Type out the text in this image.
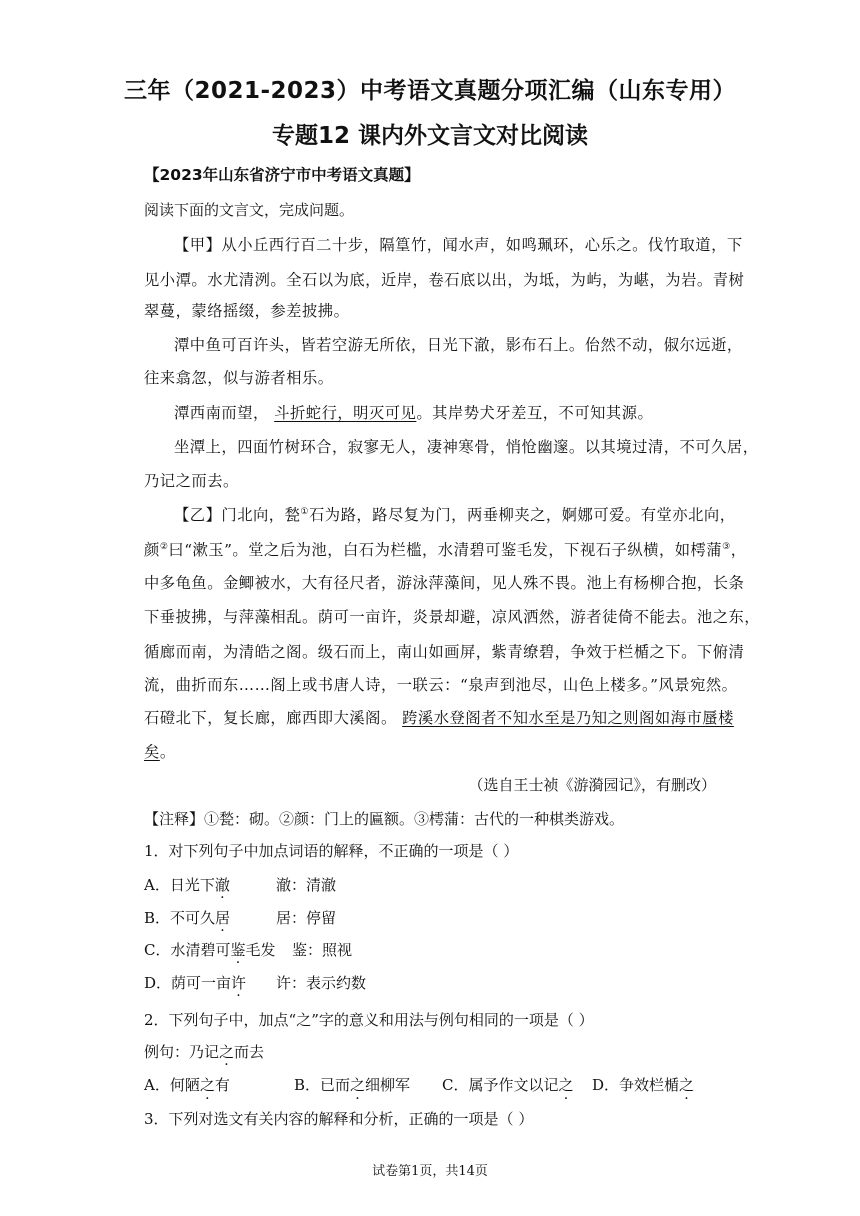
三年（2021-2023）中考语文真题分项汇编（山东专用）
专题12 课内外文言文对比阅读
【2023年山东省济宁市中考语文真题】
阅读下面的文言文，完成问题。
【甲】从小丘西行百二十步，隔篁竹，闻水声，如鸣珮环，心乐之。伐竹取道，下
见小潭。水尤清洌。全石以为底，近岸，卷石底以出，为坻，为屿，为嵁，为岩。青树
翠蔓，蒙络摇缀，参差披拂。
潭中鱼可百许头，皆若空游无所依，日光下澈，影布石上。佁然不动，俶尔远逝，
往来翕忽，似与游者相乐。
潭西南而望， 斗折蛇行，明灭可见。其岸势犬牙差互，不可知其源。
坐潭上，四面竹树环合，寂寥无人，凄神寒骨，悄怆幽邃。以其境过清，不可久居，
乃记之而去。
【乙】门北向，甃①石为路，路尽复为门，两垂柳夹之，婀娜可爱。有堂亦北向，
颜②曰“漱玉”。堂之后为池，白石为栏槛，水清碧可鉴毛发，下视石子纵横，如樗蒲③，
中多龟鱼。金鲫被水，大有径尺者，游泳萍藻间，见人殊不畏。池上有杨柳合抱，长条
下垂披拂，与萍藻相乱。荫可一亩许，炎景却避，凉风洒然，游者徒倚不能去。池之东，
循廊而南，为清皓之阁。级石而上，南山如画屏，紫青缭碧，争效于栏楯之下。下俯清
流，曲折而东……阁上或书唐人诗，一联云：“泉声到池尽，山色上楼多。”风景宛然。
石磴北下，复长廊，廊西即大溪阁。 跨溪水登阁者不知水至是乃知之则阁如海市蜃楼
矣。
（选自王士祯《游漪园记》，有删改）
【注释】①甃：砌。②颜：门上的匾额。③樗蒲：古代的一种棋类游戏。
1．对下列句子中加点词语的解释，不正确的一项是（ ）
A．日光下澈	澈：清澈
B．不可久居	居：停留
C．水清碧可鉴毛发 鉴：照视
D．荫可一亩许 许：表示约数
2．下列句子中，加点“之”字的意义和用法与例句相同的一项是（ ）
例句：乃记之而去
A．何陋之有	B．已而之细柳军 C．属予作文以记之 D．争效栏楯之
3．下列对选文有关内容的解释和分析，正确的一项是（ ）
试卷第1页，共14页
